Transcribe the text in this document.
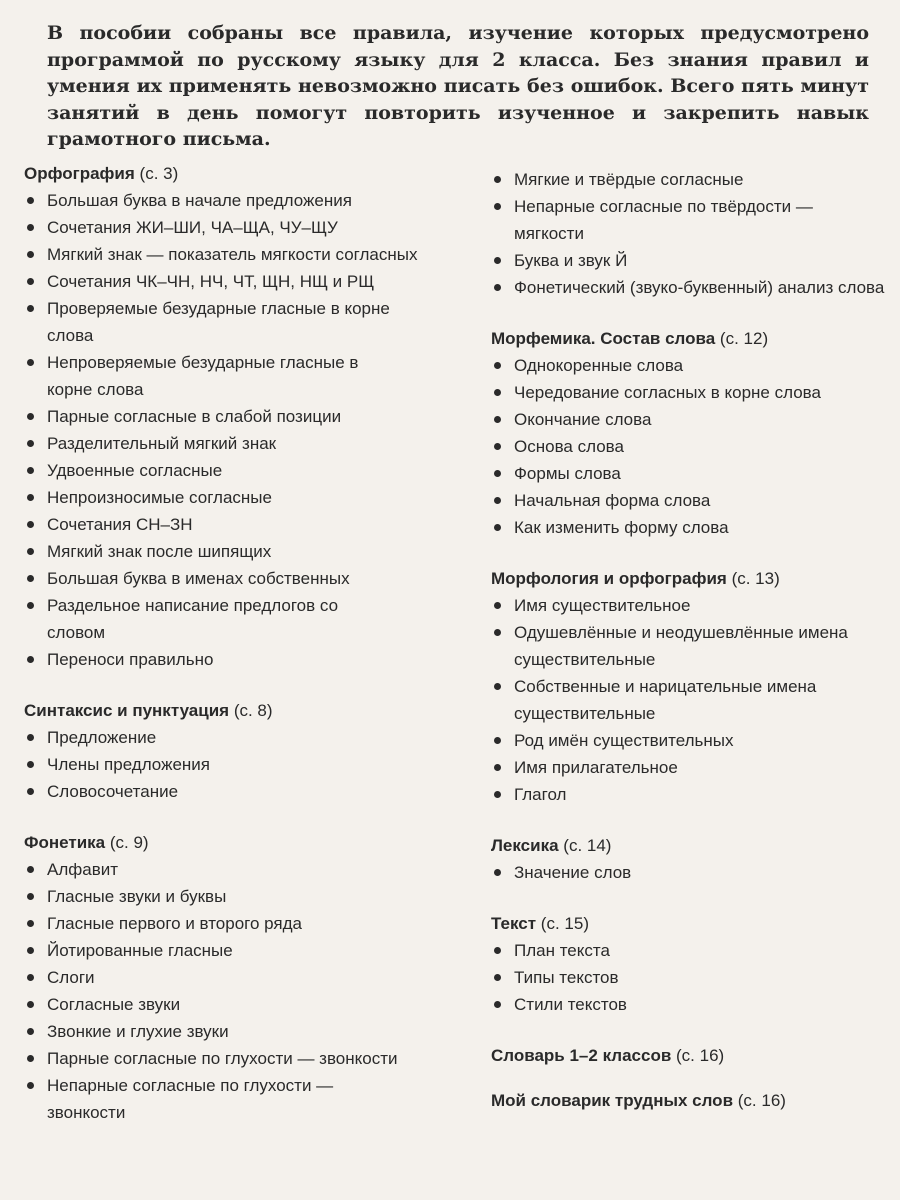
В пособии собраны все правила, изучение которых предусмотрено программой по русскому языку для 2 класса. Без знания правил и умения их применять невозможно писать без ошибок. Всего пять минут занятий в день помогут повторить изученное и закрепить навык грамотного письма.
Орфография (с. 3)
Большая буква в начале предложения
Сочетания ЖИ–ШИ, ЧА–ЩА, ЧУ–ЩУ
Мягкий знак — показатель мягкости согласных
Сочетания ЧК–ЧН, НЧ, ЧТ, ЩН, НЩ и РЩ
Проверяемые безударные гласные в корне слова
Непроверяемые безударные гласные в корне слова
Парные согласные в слабой позиции
Разделительный мягкий знак
Удвоенные согласные
Непроизносимые согласные
Сочетания СН–ЗН
Мягкий знак после шипящих
Большая буква в именах собственных
Раздельное написание предлогов со словом
Переноси правильно
Синтаксис и пунктуация (с. 8)
Предложение
Члены предложения
Словосочетание
Фонетика (с. 9)
Алфавит
Гласные звуки и буквы
Гласные первого и второго ряда
Йотированные гласные
Слоги
Согласные звуки
Звонкие и глухие звуки
Парные согласные по глухости — звонкости
Непарные согласные по глухости — звонкости
Мягкие и твёрдые согласные
Непарные согласные по твёрдости — мягкости
Буква и звук Й
Фонетический (звуко-буквенный) анализ слова
Морфемика. Состав слова (с. 12)
Однокоренные слова
Чередование согласных в корне слова
Окончание слова
Основа слова
Формы слова
Начальная форма слова
Как изменить форму слова
Морфология и орфография (с. 13)
Имя существительное
Одушевлённые и неодушевлённые имена существительные
Собственные и нарицательные имена существительные
Род имён существительных
Имя прилагательное
Глагол
Лексика (с. 14)
Значение слов
Текст (с. 15)
План текста
Типы текстов
Стили текстов
Словарь 1–2 классов (с. 16)
Мой словарик трудных слов (с. 16)
